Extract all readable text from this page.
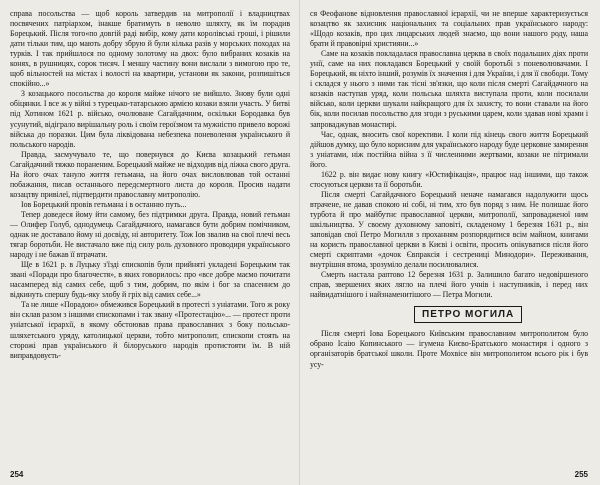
справа посольства — щоб король затвердив на митрополії і владництвах посвячених патріархом, інакше братимуть в неволю шляхту, як їм порадив Борецький. Після того«по довгій раді вибір, кому дати королівські гроші, і рішили дати тільки тим, що мають добру збрую й були кілька разів у морських походах на турків. І так прийшлося по одному золотому на двох: було вибраних козаків на конях, в рушницях, сорок тисяч. І меншу частину вони вислали з вимогою про те, щоб вільностей на містах і волості на квартири, установи як закони, розпишіться спокійно...»

З козацького посольства до короля майже нічого не вийшло. Знову були одні обіцянки. І все ж у війні з турецько-татарською армією козаки взяли участь. У битві під Хотином 1621 р. військо, очолюване Сагайдачним, оскільки Бородавка був усунутий, відіграло вирішальну роль і своїм героїзмом та мужністю привело ворожі війська до поразки. Цим була ліквідована небезпека поневолення українського й польського народів.

Правда, засмучувало те, що повернувся до Києва козацький гетьман Сагайдачний тяжко пораненим. Борецький майже не відходив від ліжка свого друга. На його очах тануло життя гетьмана, на його очах висловлював той останні побажання, писав останнього передсмертного листа до короля. Просив надати козацтву привілеї, підтвердити православну митрополію.

Іов Борецький провів гетьмана і в останню путь...

Тепер доведеся йому йти самому, без підтримки друга. Правда, новий гетьман — Олифер Голуб, однодумець Сагайдачного, намагався бути добрим помічником, однак не доставало йому ні досвіду, ні авторитету. Тож Іов звалив на свої плечі весь тягар боротьби. Не вистачало вже під силу роль духовного проводиря українського народу і не бажав її втрачати.

Ще в 1621 р. в Луцьку з'їзді єпископів були прийняті укладені Борецьким так звані «Поради про благочестя», в яких говорилось: про «все добре маємо почитати насамперед від самих себе, щоб з тим, добрим, по якім і бог за спасеннєм до відкинуть спершу будь-яку злобу й гріх від самих себе...»

Та не лише «Порадою» обмежився Борецький в протесті з уніатами. Того ж року він склав разом з іншими єпископами і так звану «Протестацію»... — протест проти уніатської ієрархії, в якому обстоював права православних з боку польсько-шляхетського уряду, католицької церкви, тобто митрополит, єпископи стоять на сторожі прав українського й білоруського народів протистояти їм. В ній виправдовуєть-

254

ся Феофанове відновлення православної ієрархії, чи не вперше характеризується козацтво як захисник національних та соціальних прав українського народу: «Щодо козаків, про цих лицарських людей знаємо, що вони нашого роду, наша брати й правовірні християни...»

Саме на козаків покладалася православна церква в своїх подальших діях проти унії, саме на них покладався Борецький у своїй боротьбі з поневолювачами. І Борецький, як ніхто інший, розумів їх значення і для України, і для її свободи. Тому і складся у нього з ними так тісні зв'язки, що коли після смерті Сагайдачного на козаків наступав уряд, коли польська шляхта виступала проти, коли посилали військо, коли церкви шукали найкращого для їх захисту, то вони ставали на його бік, коли посилав посольство для згоди з руськими царем, коли здавав нові храми і запроваджував монастирі.

Час, однак, вносить свої корективи. І коли під кінець свого життя Борецький дійшов думку, що було корисним для українського народу буде церковне замирення з уніатами, ніж постійна війна з її численними жертвами, козаки не пітримали його.

1622 р. він видає нову книгу «Юстифікація», працює над іншими, що також стосуються церкви та її боротьби.

Після смерті Сагайдачного Борецький неначе намагався надолужити щось втрачене, не давав спокою ні собі, ні тим, хто був поряд з ним. Не полишає його турбота й про майбутнє православної церкви, митрополії, запровадженої ним шкільництва. У своєму духовному заповіті, складеному 1 березня 1631 р., він заповідав свої Петро Могилля з проханням розпорядитися всім майном, книгами на користь православної церкви в Києві і освіти, просить опікуватися після його смерті скриптами «дочок Євпраксія і сестрениці Минодори». Переживання, внутрішня втома, зрозуміло делали посилювалися.

Смерть настала раптово 12 березня 1631 р. Залишило багато недовіршеного справ, звершених яких лягло на плечі його учнів і наступників, і перед них найвидатнішого і найзнаменитішого — Петра Могили.

ПЕТРО МОГИЛА

Після смерті Іова Борецького Київським православним митрополитом було обрано Ісаію Копинського — ігумена Києво-Братського монастиря і одного з організаторів братської школи. Проте Мохвісе він митрополитом всього рік і був усу-

255
